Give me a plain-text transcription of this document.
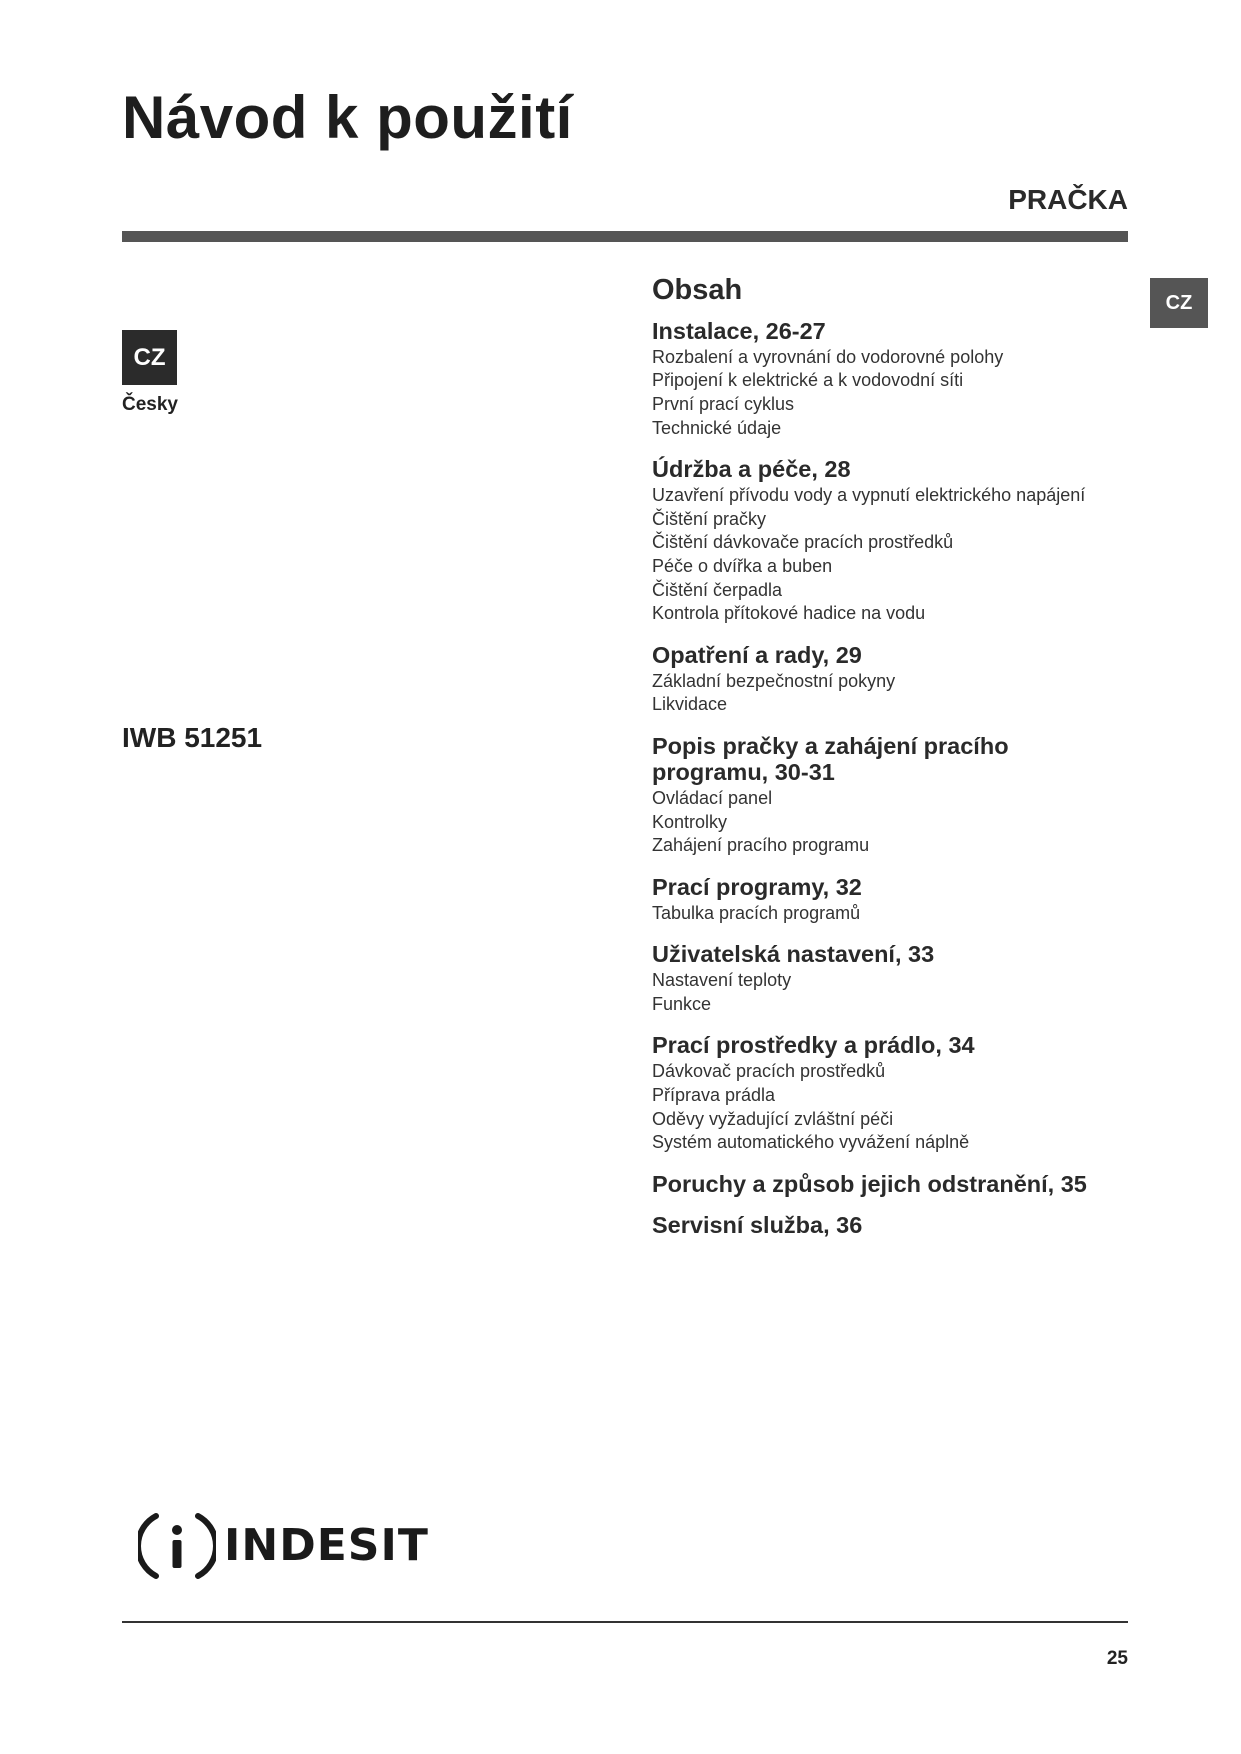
Návod k použití
PRAČKA
CZ
CZ
Česky
IWB 51251
Obsah
Instalace, 26-27
Rozbalení a vyrovnání do vodorovné polohy
Připojení k elektrické a k vodovodní síti
První prací cyklus
Technické údaje
Údržba a péče, 28
Uzavření přívodu vody a vypnutí elektrického napájení
Čištění pračky
Čištění dávkovače pracích prostředků
Péče o dvířka a buben
Čištění čerpadla
Kontrola přítokové hadice na vodu
Opatření a rady, 29
Základní bezpečnostní pokyny
Likvidace
Popis pračky a zahájení pracího
programu, 30-31
Ovládací panel
Kontrolky
Zahájení pracího programu
Prací programy, 32
Tabulka pracích programů
Uživatelská nastavení, 33
Nastavení teploty
Funkce
Prací prostředky a prádlo, 34
Dávkovač pracích prostředků
Příprava prádla
Oděvy vyžadující zvláštní péči
Systém automatického vyvážení náplně
Poruchy a způsob jejich odstranění, 35
Servisní služba, 36
INDESIT
25
